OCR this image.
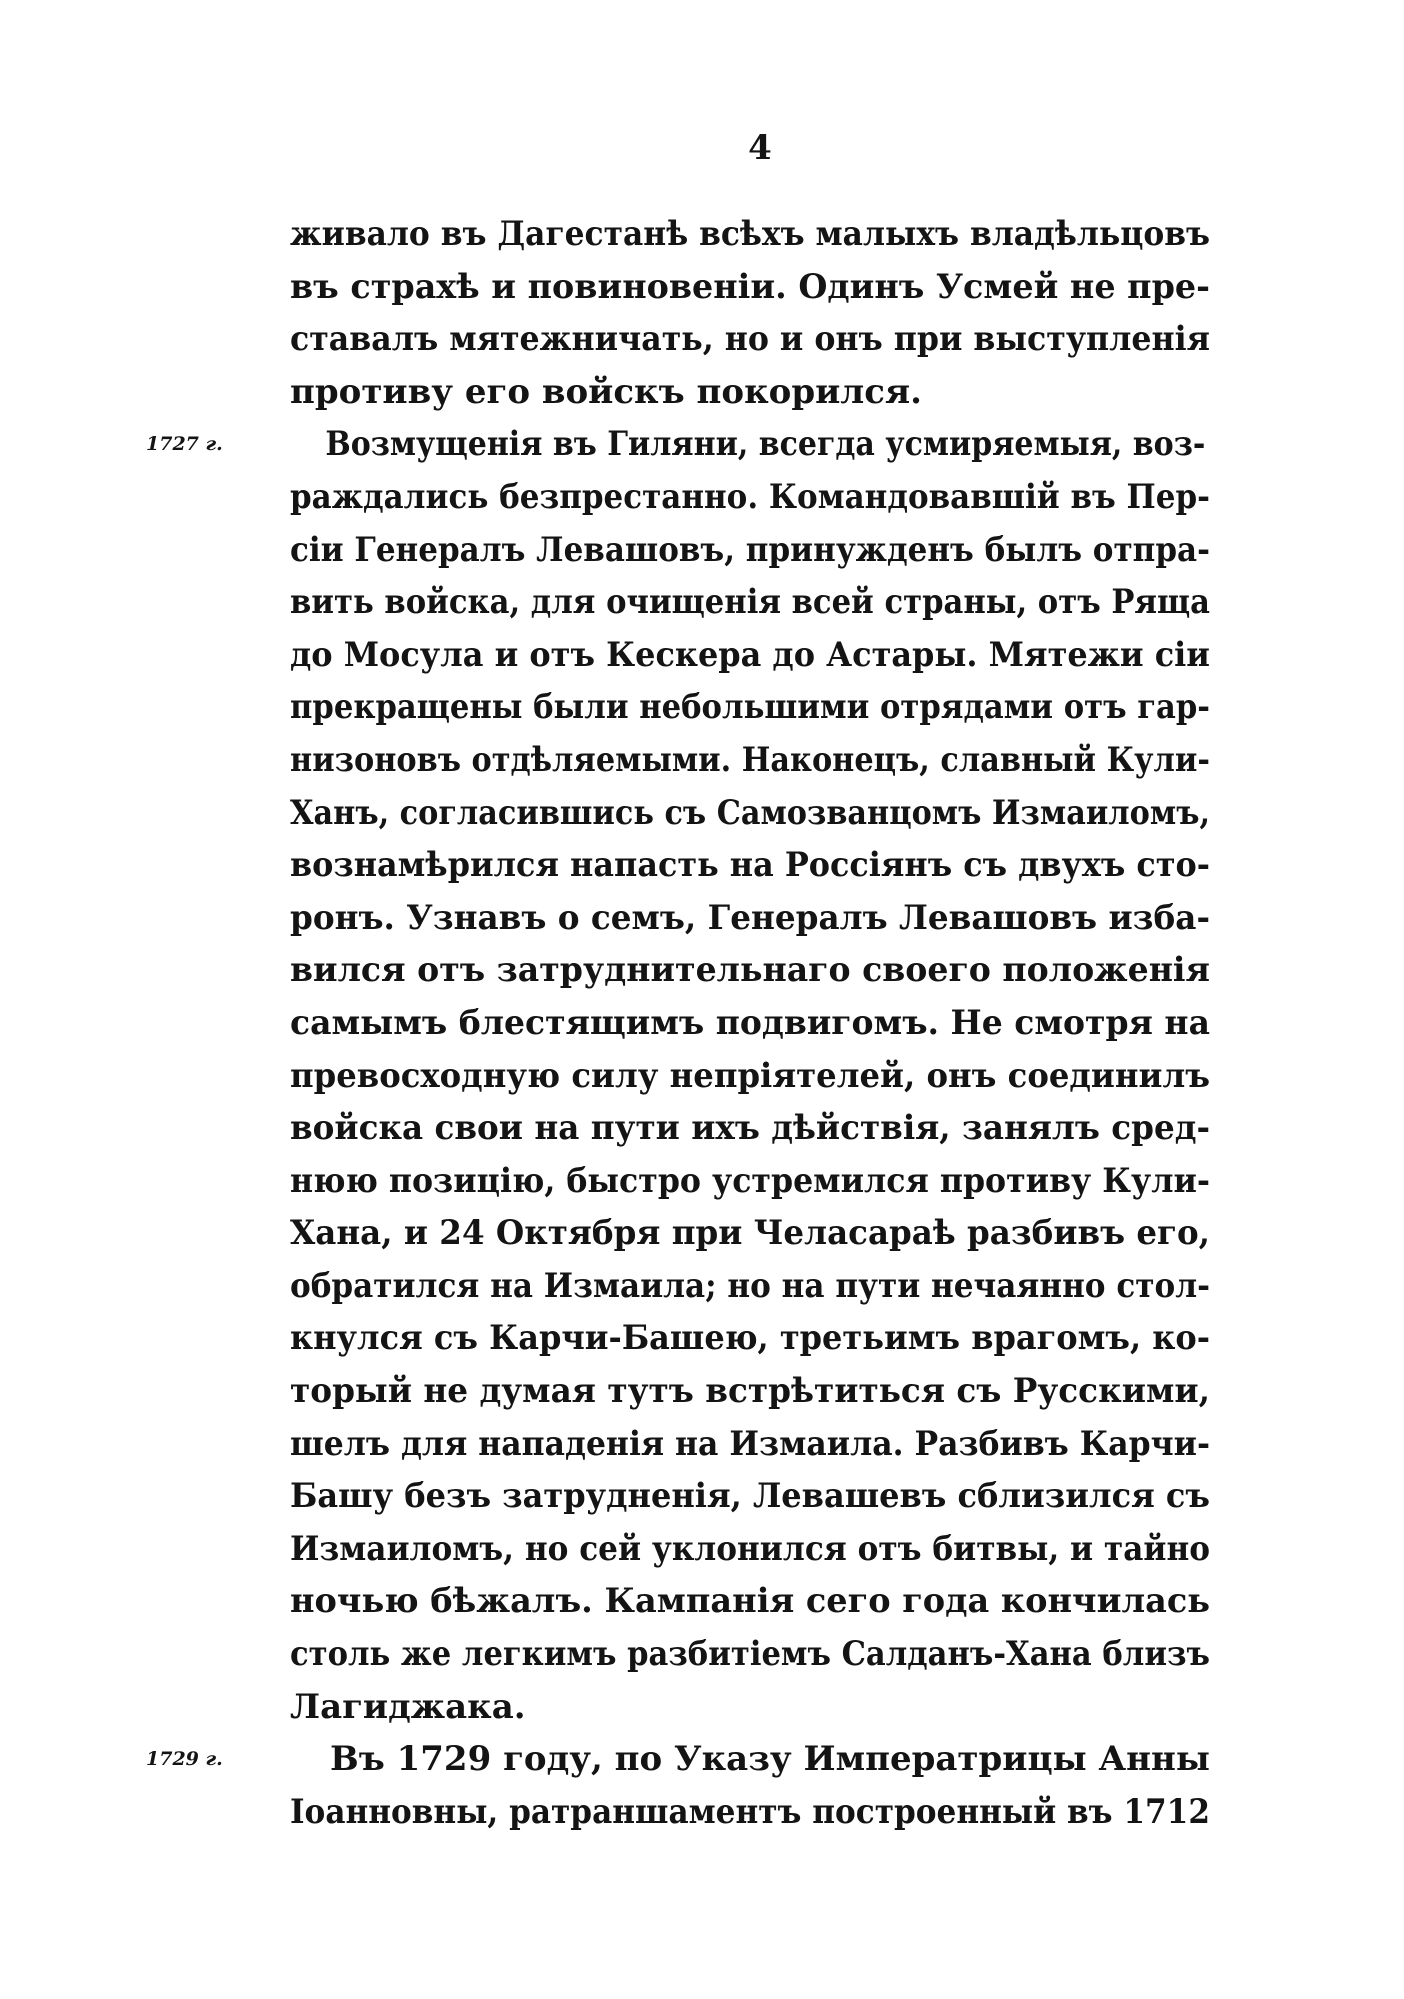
4
живало въ Дагестанѣ всѣхъ малыхъ владѣльцовъ
въ страхѣ и повиновеніи. Одинъ Усмей не пре-
ставалъ мятежничать, но и онъ при выступленія
противу его войскъ покорился.
1727 г.	Возмущенія въ Гиляни, всегда усмиряемыя, воз-
раждались безпрестанно. Командовавшій въ Пер-
сіи Генералъ Левашовъ, принужденъ былъ отпра-
вить войска, для очищенія всей страны, отъ Ряща
до Мосула и отъ Кескера до Астары. Мятежи сіи
прекращены были небольшими отрядами отъ гар-
низоновъ отдѣляемыми. Наконецъ, славный Кули-
Ханъ, согласившись съ Самозванцомъ Измаиломъ,
вознамѣрился напасть на Россіянъ съ двухъ сто-
ронъ. Узнавъ о семъ, Генералъ Левашовъ изба-
вился отъ затруднительнаго своего положенія
самымъ блестящимъ подвигомъ. Не смотря на
превосходную силу непріятелей, онъ соединилъ
войска свои на пути ихъ дѣйствія, занялъ сред-
нюю позицію, быстро устремился противу Кули-
Хана, и 24 Октября при Челасараѣ разбивъ его,
обратился на Измаила; но на пути нечаянно стол-
кнулся съ Карчи-Башею, третьимъ врагомъ, ко-
торый не думая тутъ встрѣтиться съ Русскими,
шелъ для нападенія на Измаила. Разбивъ Карчи-
Башу безъ затрудненія, Левашевъ сблизился съ
Измаиломъ, но сей уклонился отъ битвы, и тайно
ночью бѣжалъ. Кампанія сего года кончилась
столь же легкимъ разбитіемъ Салданъ-Хана близъ
Лагиджака.
1729 г.	Въ 1729 году, по Указу Императрицы Анны
Іоанновны, ратраншаментъ построенный въ 1712
